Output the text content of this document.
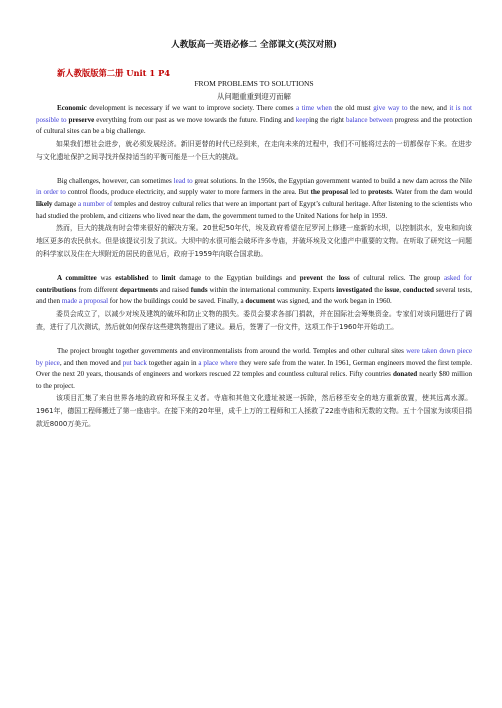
人教版高一英语必修二 全部课文(英汉对照)
新人教版版第二册 Unit 1 P4
FROM PROBLEMS TO SOLUTIONS
从问题重重到迎刃而解

Economic development is necessary if we want to improve society. There comes a time when the old must give way to the new, and it is not possible to preserve everything from our past as we move towards the future. Finding and keeping the right balance between progress and the protection of cultural sites can be a big challenge.

如果我们想社会进步，就必须发展经济。新旧更替的时代已经到来，在走向未来的过程中，我们不可能将过去的一切都保存下来。在进步与文化遗址保护之间寻找并保持适当的平衡可能是一个巨大的挑战。

Big challenges, however, can sometimes lead to great solutions. In the 1950s, the Egyptian government wanted to build a new dam across the Nile in order to control floods, produce electricity, and supply water to more farmers in the area. But the proposal led to protests. Water from the dam would likely damage a number of temples and destroy cultural relics that were an important part of Egypt’s cultural heritage. After listening to the scientists who had studied the problem, and citizens who lived near the dam, the government turned to the United Nations for help in 1959.

然而，巨大的挑战有时会带来很好的解决方案。20世纪50年代，埃及政府希望在尼罗河上修建一座新的水坝，以控制洪水，发电和向该地区更多的农民供水。但是该提议引发了抗议。大坝中的水很可能会破坏许多寺庙，并破坏埃及文化遗产中重要的文物。在听取了研究这一问题的科学家以及住在大坝附近的居民的意见后，政府于1959年向联合国求助。

A committee was established to limit damage to the Egyptian buildings and prevent the loss of cultural relics. The group asked for contributions from different departments and raised funds within the international community. Experts investigated the issue, conducted several tests, and then made a proposal for how the buildings could be saved. Finally, a document was signed, and the work began in 1960.

委员会成立了，以减少对埃及建筑的破坏和防止文物的损失。委员会要求各部门捐款，并在国际社会筹集资金。专家们对该问题进行了调查，进行了几次测试，然后就如何保存这些建筑物提出了建议。最后，签署了一份文件，这项工作于1960年开始动工。

The project brought together governments and environmentalists from around the world. Temples and other cultural sites were taken down piece by piece, and then moved and put back together again in a place where they were safe from the water. In 1961, German engineers moved the first temple. Over the next 20 years, thousands of engineers and workers rescued 22 temples and countless cultural relics. Fifty countries donated nearly $80 million to the project.

该项目汇集了来自世界各地的政府和环保主义者。寺庙和其他文化遗址被逐一拆除，然后移至安全的地方重新放置，使其远离水源。1961年，德国工程师搬迁了第一座庙宇。在接下来的20年里，成千上万的工程师和工人拯救了22座寺庙和无数的文物。五十个国家为该项目捐款近8000万美元。
